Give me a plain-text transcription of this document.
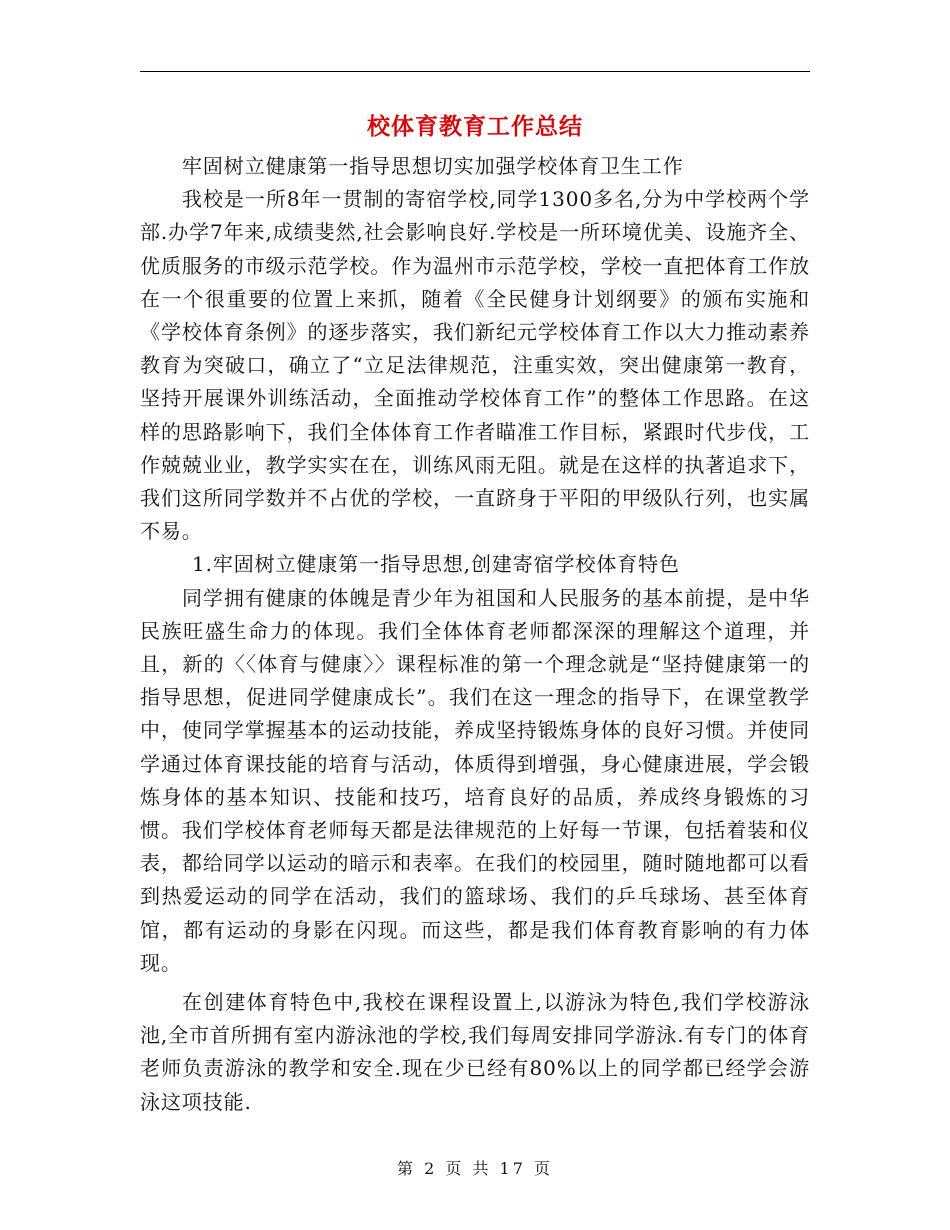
校体育教育工作总结

牢固树立健康第一指导思想切实加强学校体育卫生工作

我校是一所8年一贯制的寄宿学校,同学1300多名,分为中学校两个学部.办学7年来,成绩斐然,社会影响良好.学校是一所环境优美、设施齐全、优质服务的市级示范学校。作为温州市示范学校，学校一直把体育工作放在一个很重要的位置上来抓，随着《全民健身计划纲要》的颁布实施和《学校体育条例》的逐步落实，我们新纪元学校体育工作以大力推动素养教育为突破口，确立了“立足法律规范，注重实效，突出健康第一教育，坚持开展课外训练活动，全面推动学校体育工作”的整体工作思路。在这样的思路影响下，我们全体体育工作者瞄准工作目标，紧跟时代步伐，工作兢兢业业，教学实实在在，训练风雨无阻。就是在这样的执著追求下，我们这所同学数并不占优的学校，一直跻身于平阳的甲级队行列，也实属不易。

1.牢固树立健康第一指导思想,创建寄宿学校体育特色

同学拥有健康的体魄是青少年为祖国和人民服务的基本前提，是中华民族旺盛生命力的体现。我们全体体育老师都深深的理解这个道理，并且，新的〈〈体育与健康〉〉课程标准的第一个理念就是“坚持健康第一的指导思想，促进同学健康成长”。我们在这一理念的指导下，在课堂教学中，使同学掌握基本的运动技能，养成坚持锻炼身体的良好习惯。并使同学通过体育课技能的培育与活动，体质得到增强，身心健康进展，学会锻炼身体的基本知识、技能和技巧，培育良好的品质，养成终身锻炼的习惯。我们学校体育老师每天都是法律规范的上好每一节课，包括着装和仪表，都给同学以运动的暗示和表率。在我们的校园里，随时随地都可以看到热爱运动的同学在活动，我们的篮球场、我们的乒乓球场、甚至体育馆，都有运动的身影在闪现。而这些，都是我们体育教育影响的有力体现。

在创建体育特色中,我校在课程设置上,以游泳为特色,我们学校游泳池,全市首所拥有室内游泳池的学校,我们每周安排同学游泳.有专门的体育老师负责游泳的教学和安全.现在少已经有80%以上的同学都已经学会游泳这项技能.

第 2 页 共 17 页
